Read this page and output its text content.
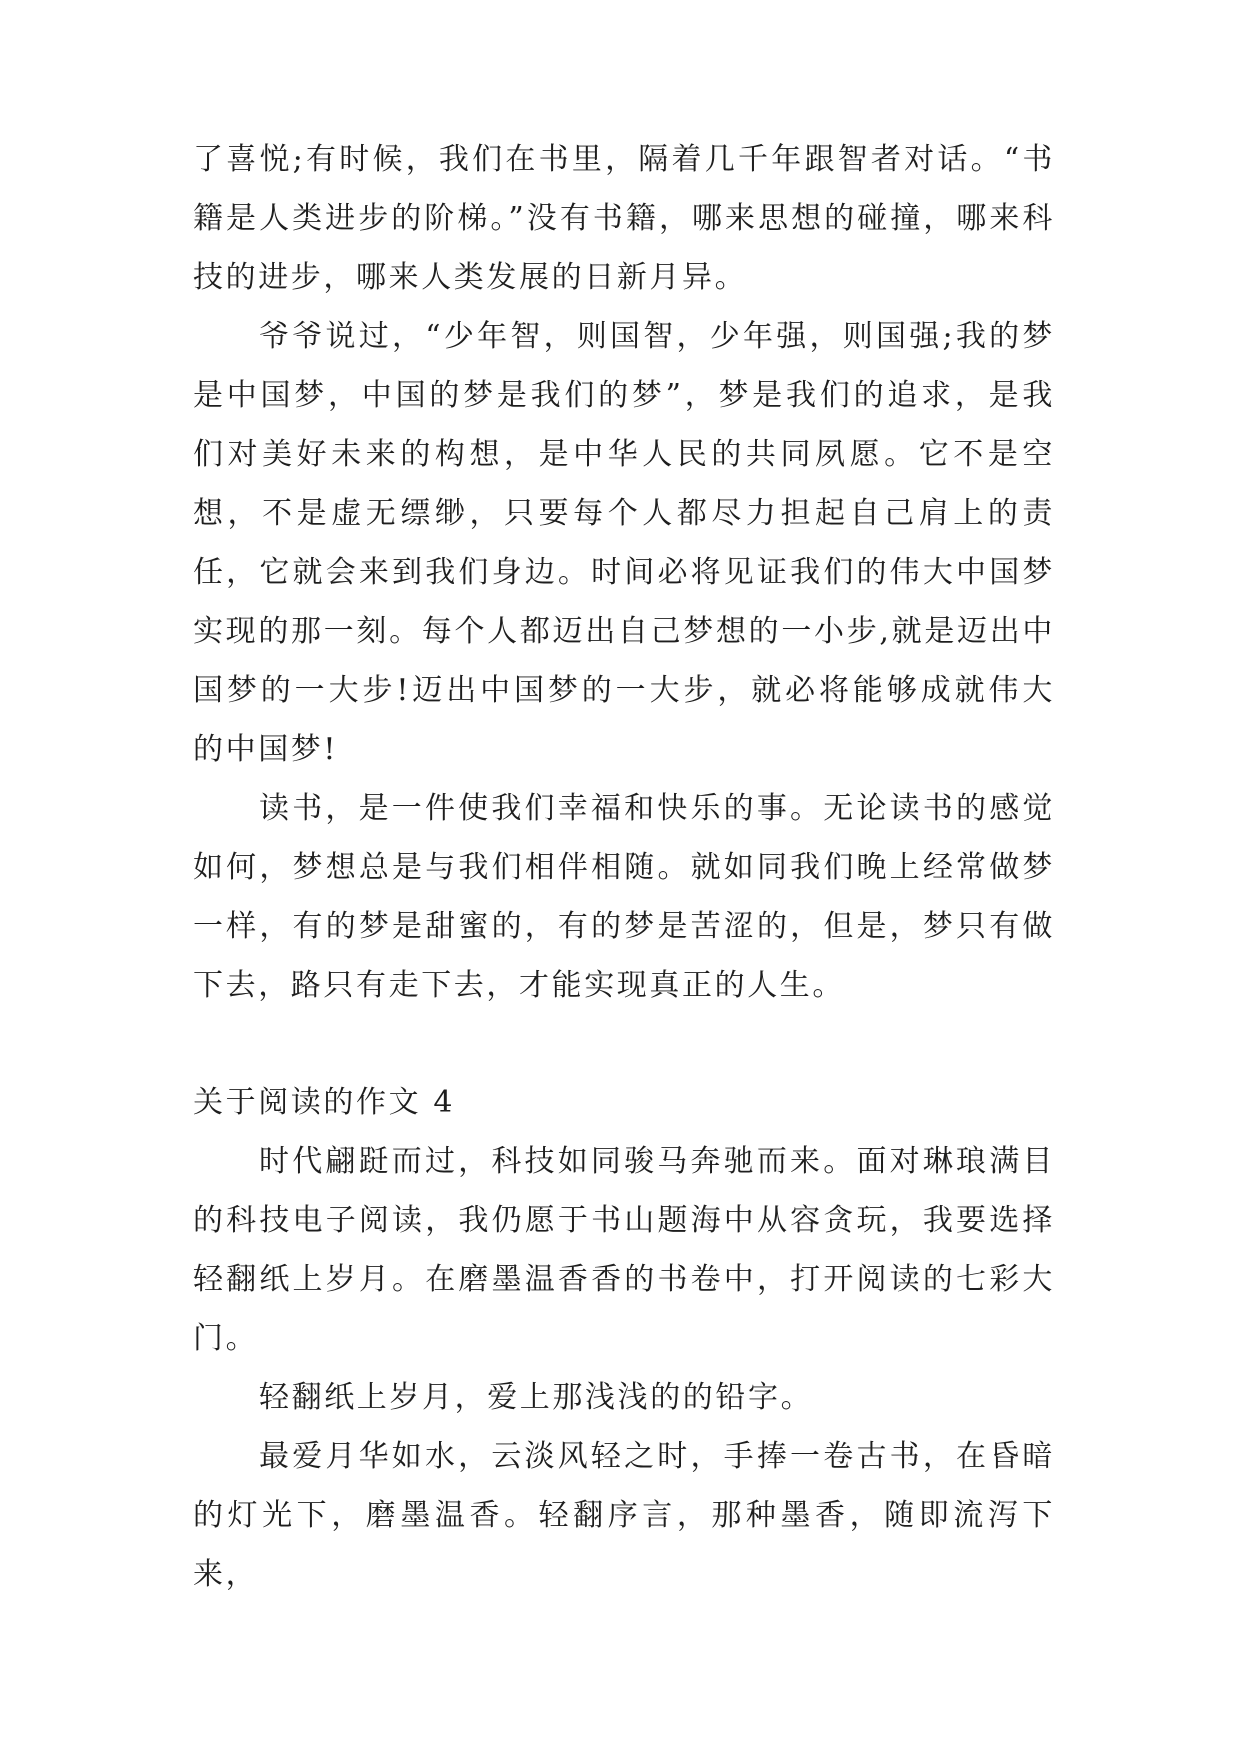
了喜悦;有时候，我们在书里，隔着几千年跟智者对话。“书籍是人类进步的阶梯。”没有书籍，哪来思想的碰撞，哪来科技的进步，哪来人类发展的日新月异。

爷爷说过，“少年智，则国智，少年强，则国强;我的梦是中国梦，中国的梦是我们的梦”，梦是我们的追求，是我们对美好未来的构想，是中华人民的共同夙愿。它不是空想，不是虚无缥缈，只要每个人都尽力担起自己肩上的责任，它就会来到我们身边。时间必将见证我们的伟大中国梦实现的那一刻。每个人都迈出自己梦想的一小步,就是迈出中国梦的一大步!迈出中国梦的一大步，就必将能够成就伟大的中国梦!

读书，是一件使我们幸福和快乐的事。无论读书的感觉如何，梦想总是与我们相伴相随。就如同我们晚上经常做梦一样，有的梦是甜蜜的，有的梦是苦涩的，但是，梦只有做下去，路只有走下去，才能实现真正的人生。

关于阅读的作文 4

时代翩跹而过，科技如同骏马奔驰而来。面对琳琅满目的科技电子阅读，我仍愿于书山题海中从容贪玩，我要选择轻翻纸上岁月。在磨墨温香香的书卷中，打开阅读的七彩大门。

轻翻纸上岁月，爱上那浅浅的的铅字。

最爱月华如水，云淡风轻之时，手捧一卷古书，在昏暗的灯光下，磨墨温香。轻翻序言，那种墨香，随即流泻下来，
